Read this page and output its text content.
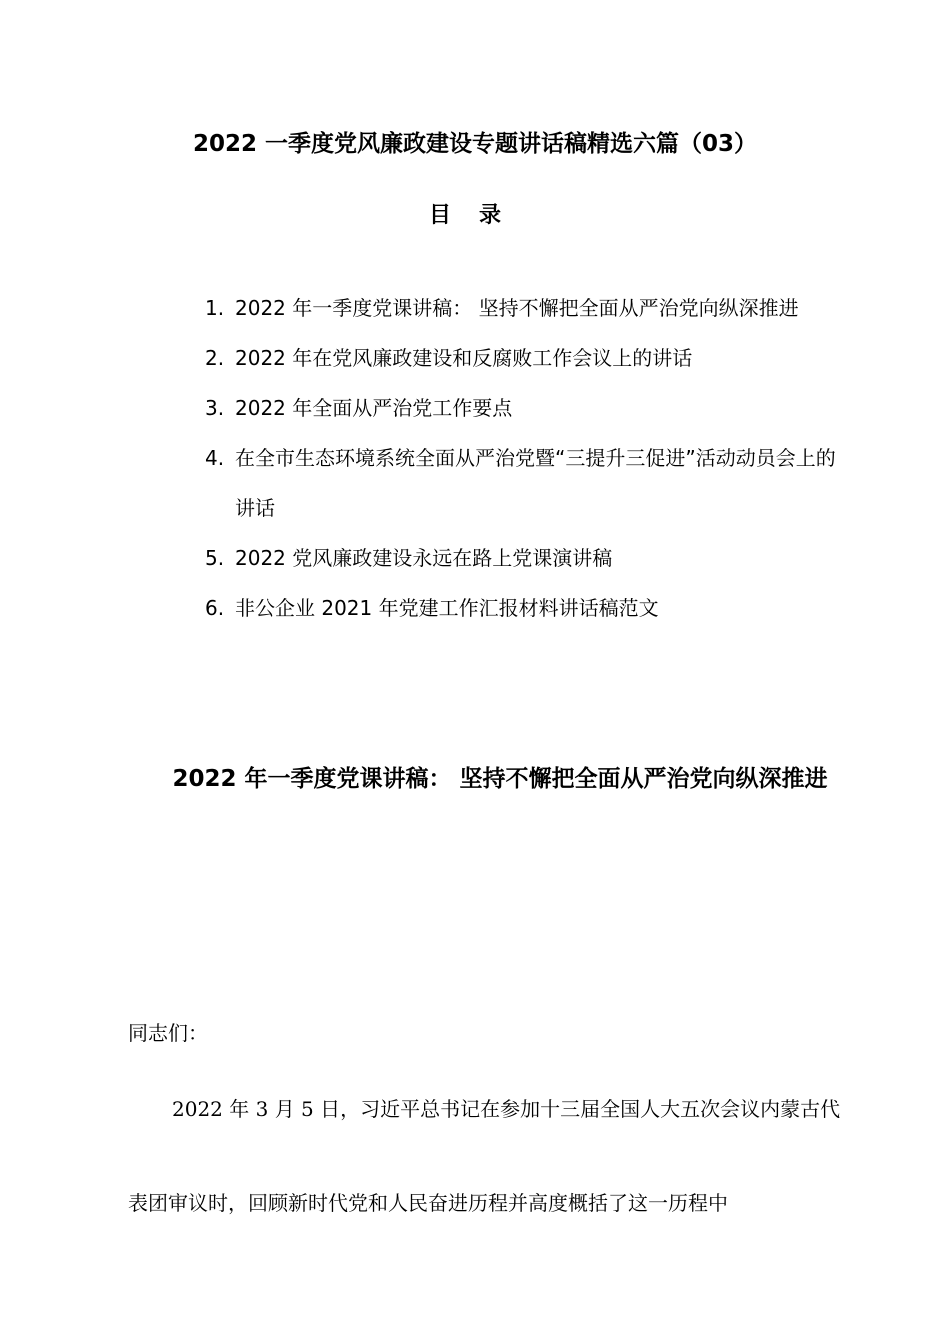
2022 一季度党风廉政建设专题讲话稿精选六篇（03）
目录
1. 2022 年一季度党课讲稿： 坚持不懈把全面从严治党向纵深推进
2. 2022 年在党风廉政建设和反腐败工作会议上的讲话
3. 2022 年全面从严治党工作要点
4. 在全市生态环境系统全面从严治党暨“三提升三促进”活动动员会上的讲话
5. 2022 党风廉政建设永远在路上党课演讲稿
6. 非公企业 2021 年党建工作汇报材料讲话稿范文
2022 年一季度党课讲稿： 坚持不懈把全面从严治党向纵深推进
同志们：
2022 年 3 月 5 日，习近平总书记在参加十三届全国人大五次会议内蒙古代表团审议时，回顾新时代党和人民奋进历程并高度概括了这一历程中
